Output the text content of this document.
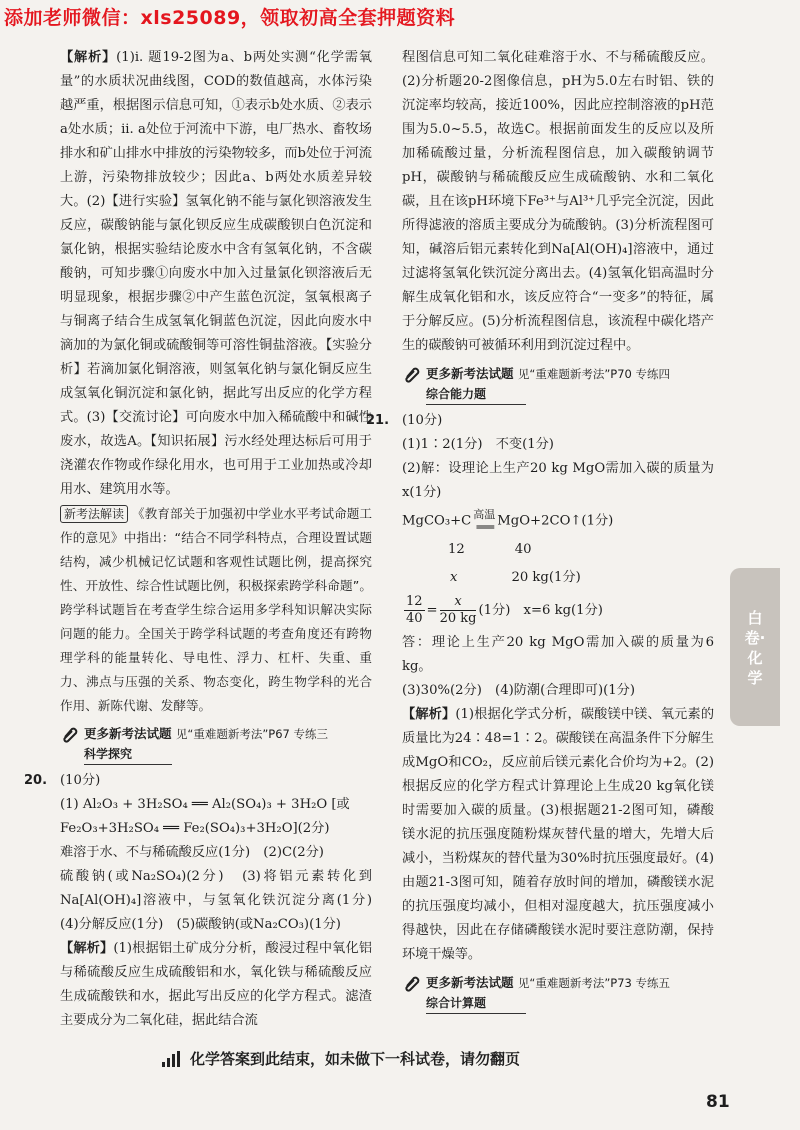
添加老师微信：xls25089，领取初高全套押题资料

【解析】(1)i. 题19-2图为a、b两处实测“化学需氧量”的水质状况曲线图，COD的数值越高，水体污染越严重，根据图示信息可知，①表示b处水质、②表示a处水质；ii. a处位于河流中下游，电厂热水、畜牧场排水和矿山排水中排放的污染物较多，而b处位于河流上游，污染物排放较少；因此a、b两处水质差异较大。(2)【进行实验】氢氧化钠不能与氯化钡溶液发生反应，碳酸钠能与氯化钡反应生成碳酸钡白色沉淀和氯化钠，根据实验结论废水中含有氢氧化钠，不含碳酸钠，可知步骤①向废水中加入过量氯化钡溶液后无明显现象，根据步骤②中产生蓝色沉淀，氢氧根离子与铜离子结合生成氢氧化铜蓝色沉淀，因此向废水中滴加的为氯化铜或硫酸铜等可溶性铜盐溶液。【实验分析】若滴加氯化铜溶液，则氢氧化钠与氯化铜反应生成氢氧化铜沉淀和氯化钠，据此写出反应的化学方程式。(3)【交流讨论】可向废水中加入稀硫酸中和碱性废水，故选A。【知识拓展】污水经处理达标后可用于浇灌农作物或作绿化用水，也可用于工业加热或冷却用水、建筑用水等。

新考法解读 《教育部关于加强初中学业水平考试命题工作的意见》中指出：“结合不同学科特点，合理设置试题结构，减少机械记忆试题和客观性试题比例，提高探究性、开放性、综合性试题比例，积极探索跨学科命题”。跨学科试题旨在考查学生综合运用多学科知识解决实际问题的能力。全国关于跨学科试题的考查角度还有跨物理学科的能量转化、导电性、浮力、杠杆、失重、重力、沸点与压强的关系、物态变化，跨生物学科的光合作用、新陈代谢、发酵等。

更多新考法试题
见“重难题新考法”P67 专练三
科学探究
20. (10分)

(1) Al₂O₃ + 3H₂SO₄ ══ Al₂(SO₄)₃ + 3H₂O [或

Fe₂O₃+3H₂SO₄ ══ Fe₂(SO₄)₃+3H₂O](2分)

难溶于水、不与稀硫酸反应(1分)　(2)C(2分)

硫酸钠(或Na₂SO₄)(2分)　(3)将铝元素转化到Na[Al(OH)₄]溶液中，与氢氧化铁沉淀分离(1分)　(4)分解反应(1分)　(5)碳酸钠(或Na₂CO₃)(1分)

【解析】(1)根据铝土矿成分分析，酸浸过程中氧化铝与稀硫酸反应生成硫酸铝和水，氧化铁与稀硫酸反应生成硫酸铁和水，据此写出反应的化学方程式。滤渣主要成分为二氧化硅，据此结合流

程图信息可知二氧化硅难溶于水、不与稀硫酸反应。(2)分析题20-2图像信息，pH为5.0左右时铝、铁的沉淀率均较高，接近100%，因此应控制溶液的pH范围为5.0~5.5，故选C。根据前面发生的反应以及所加稀硫酸过量，分析流程图信息，加入碳酸钠调节pH，碳酸钠与稀硫酸反应生成硫酸钠、水和二氧化碳，且在该pH环境下Fe³⁺与Al³⁺几乎完全沉淀，因此所得滤液的溶质主要成分为硫酸钠。(3)分析流程图可知，碱溶后铝元素转化到Na[Al(OH)₄]溶液中，通过过滤将氢氧化铁沉淀分离出去。(4)氢氧化铝高温时分解生成氧化铝和水，该反应符合“一变多”的特征，属于分解反应。(5)分析流程图信息，该流程中碳化塔产生的碳酸钠可被循环利用到沉淀过程中。

更多新考法试题
见“重难题新考法”P70 专练四
综合能力题
21. (10分)

(1)1∶2(1分)　不变(1分)

(2)解：设理论上生产20 kg MgO需加入碳的质量为x(1分)

MgCO₃+C 高温
═══ MgO+2CO↑(1分)
12	40
x	20 kg(1分)
$\frac{12}{40} = \frac{x}{20 kg} (1$分)　x=6 kg(1分)

答：理论上生产20 kg MgO需加入碳的质量为6 kg。

(3)30%(2分)　(4)防潮(合理即可)(1分)

【解析】(1)根据化学式分析，碳酸镁中镁、氧元素的质量比为24∶48=1∶2。碳酸镁在高温条件下分解生成MgO和CO₂，反应前后镁元素化合价均为+2。(2)根据反应的化学方程式计算理论上生成20 kg氧化镁时需要加入碳的质量。(3)根据题21-2图可知，磷酸镁水泥的抗压强度随粉煤灰替代量的增大，先增大后减小，当粉煤灰的替代量为30%时抗压强度最好。(4)由题21-3图可知，随着存放时间的增加，磷酸镁水泥的抗压强度均减小，但相对湿度越大，抗压强度减小得越快，因此在存储磷酸镁水泥时要注意防潮，保持环境干燥等。

更多新考法试题
见“重难题新考法”P73 专练五
综合计算题
白卷·化学
化学答案到此结束，如未做下一科试卷，请勿翻页
81
